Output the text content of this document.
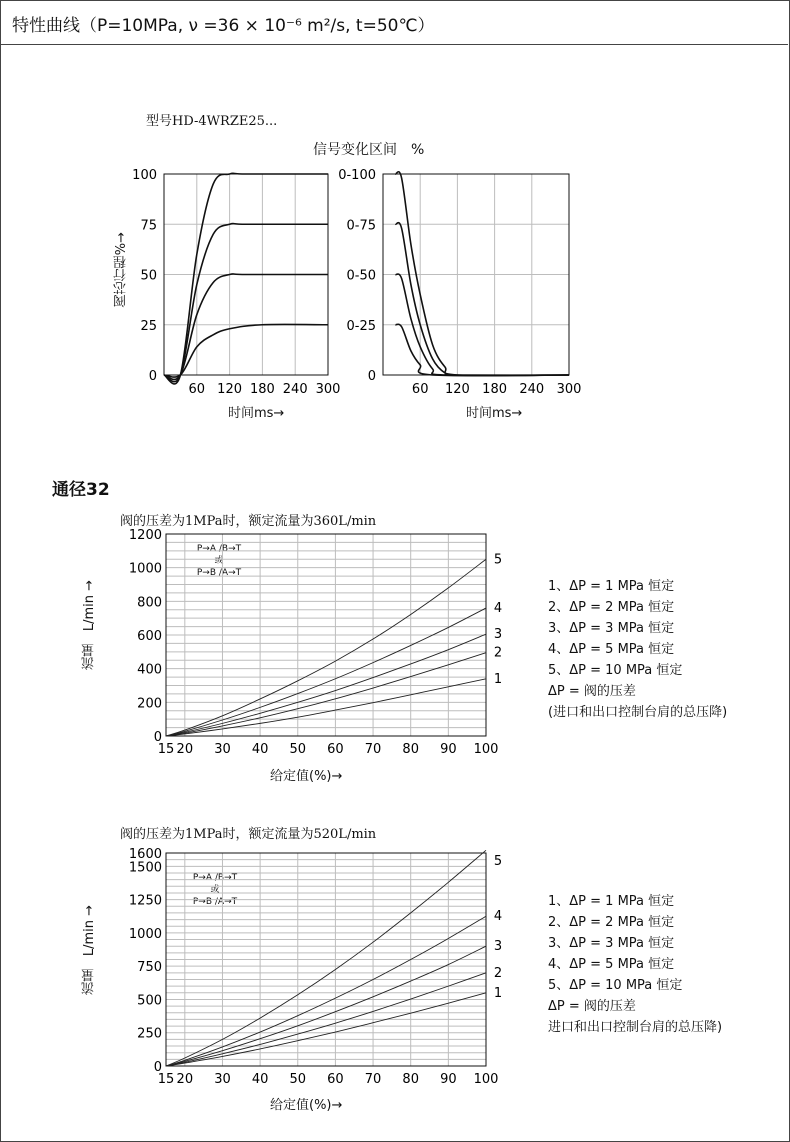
特性曲线（P=10MPa, ν =36 × 10⁻⁶ m²/s, t=50℃）
型号HD-4WRZE25...
信号变化区间　%
阀芯行程%→
时间ms→	时间ms→
通径32
阀的压差为1MPa时，额定流量为360L/min
流量　L/min →
给定值(%)→
P→A /B→T
或
P→B /A→T
1、ΔP = 1 MPa 恒定
2、ΔP = 2 MPa 恒定
3、ΔP = 3 MPa 恒定
4、ΔP = 5 MPa 恒定
5、ΔP = 10 MPa 恒定
ΔP = 阀的压差
(进口和出口控制台肩的总压降)
阀的压差为1MPa时，额定流量为520L/min
流量　L/min →
给定值(%)→
P→A /B→T
或
P→B /A→T	1、ΔP = 1 MPa 恒定
2、ΔP = 2 MPa 恒定
3、ΔP = 3 MPa 恒定
4、ΔP = 5 MPa 恒定
5、ΔP = 10 MPa 恒定
ΔP = 阀的压差
进口和出口控制台肩的总压降)
60 120 180 240 300
0
25
50
75
100
60 120 180 240 300
0
0-25
0-50
0-75
0-100
15 20 30 40 50 60 70 80 90 100
0
200
400
600
800
1000
1200
1
2
3
4
5
15 20 30 40 50 60 70 80 90 100
0
250
500
750
1000
1250
1500
1600
1
2
3
4
5
